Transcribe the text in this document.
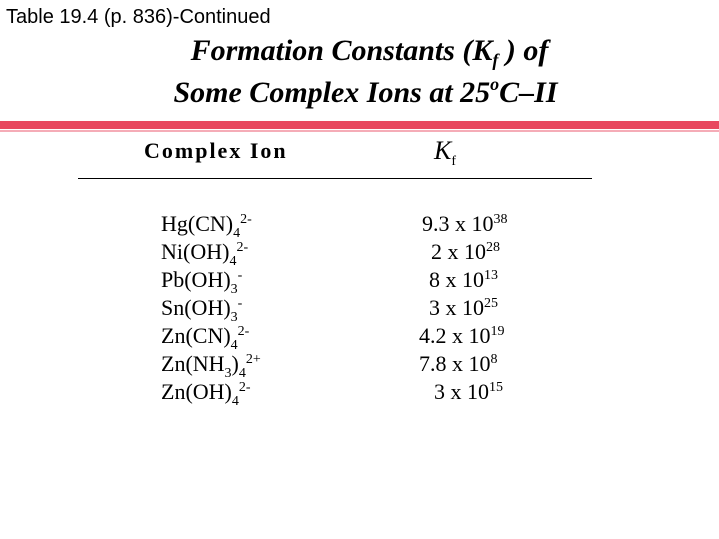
Table 19.4 (p. 836)-Continued
Formation Constants ($K_f$ ) of
Some Complex Ions at 25$^o$C–II
Complex Ion	$K_f$
$Hg(CN)_4^{2-}$	9.3 x $10^{38}$
$Ni(OH)_4^{2-}$	2 x $10^{28}$
$Pb(OH)_3^-$	8 x $10^{13}$
$Sn(OH)_3^-$	3 x $10^{25}$
$Zn(CN)_4^{2-}$	4.2 x $10^{19}$
$Zn(NH_3)_4^{2+}$	7.8 x $10^8$
$Zn(OH)_4^{2-}$	3 x $10^{15}$
